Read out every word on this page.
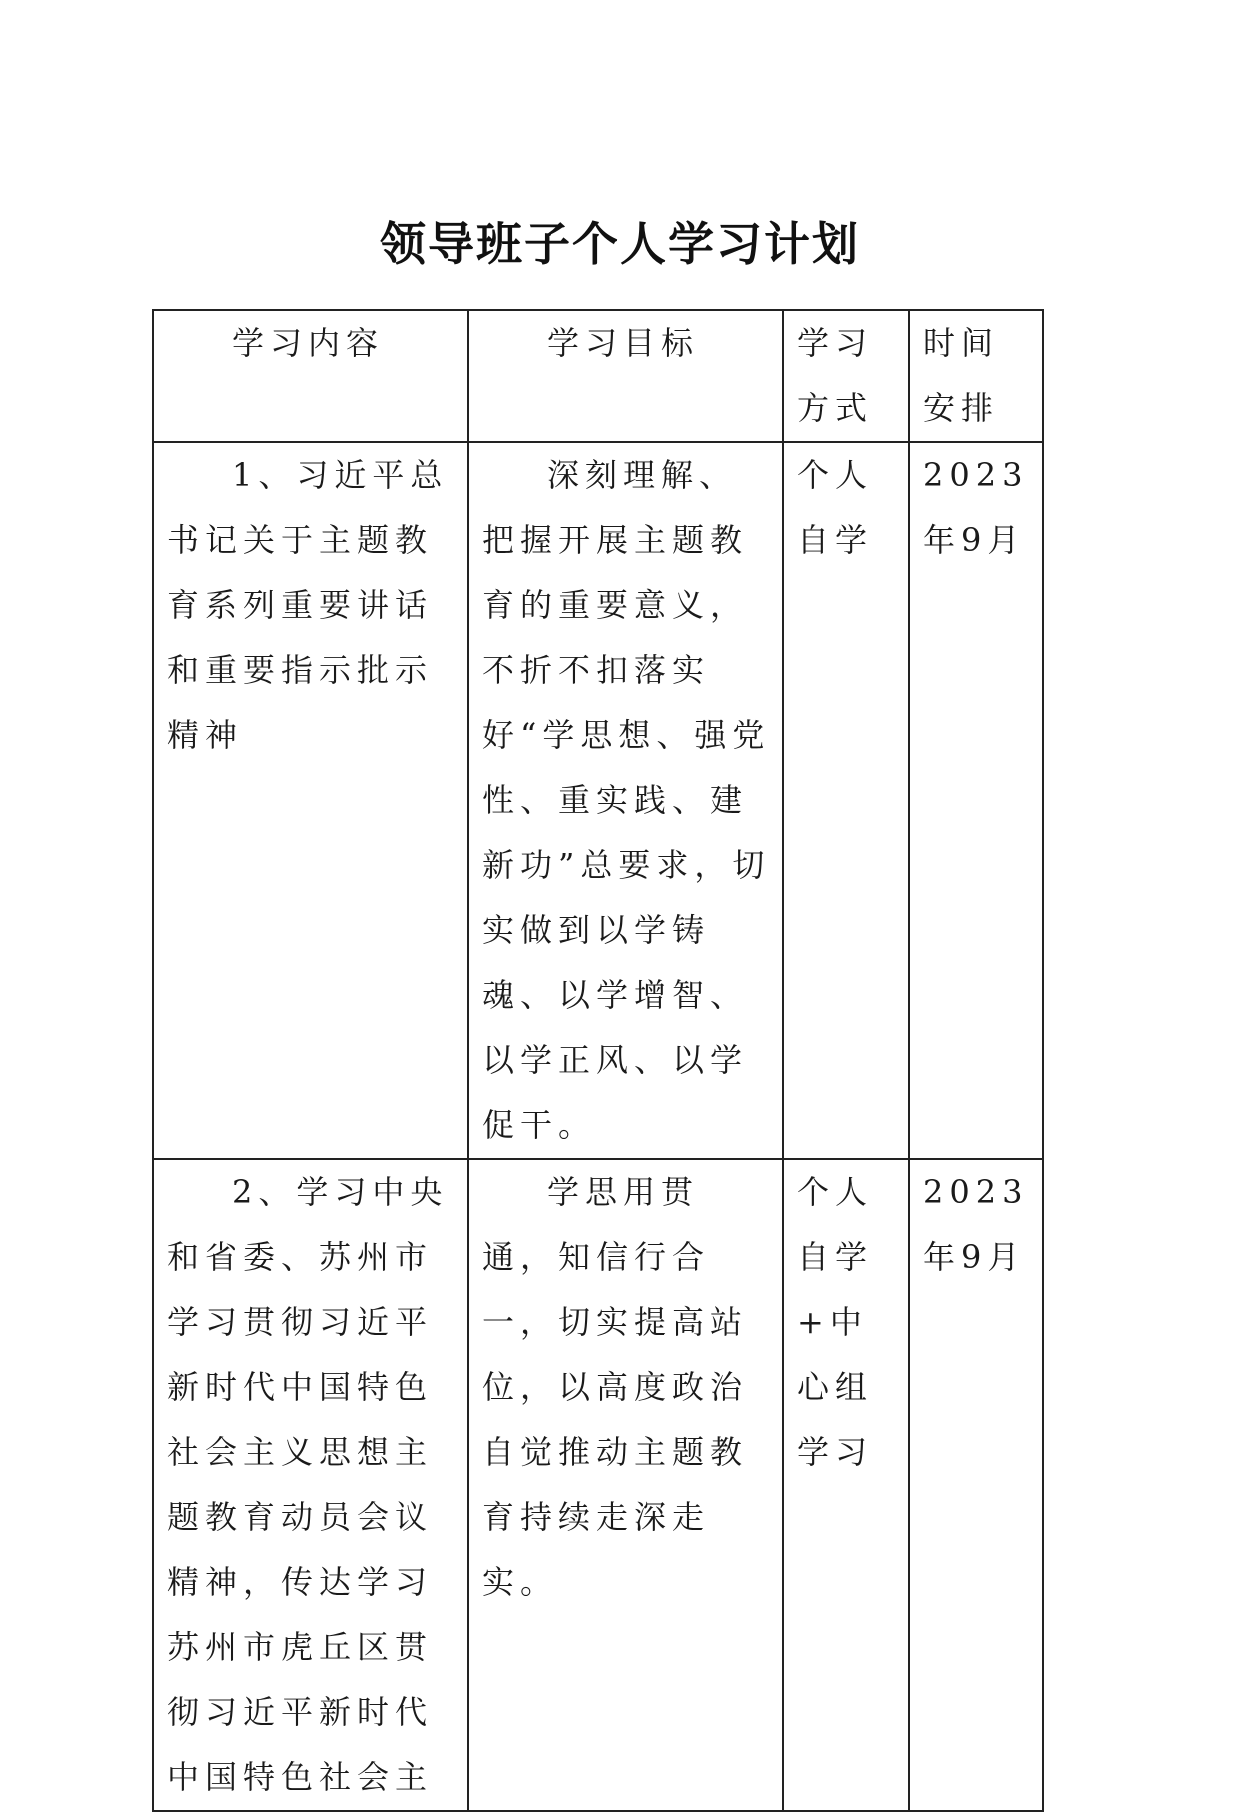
领导班子个人学习计划
学习内容	学习目标	学习方式	时间安排
1、习近平总书记关于主题教育系列重要讲话和重要指示批示精神	深刻理解、把握开展主题教育的重要意义，不折不扣落实好“学思想、强党性、重实践、建新功”总要求，切实做到以学铸魂、以学增智、以学正风、以学促干。	个人自学	2023年9月
2、学习中央和省委、苏州市学习贯彻习近平新时代中国特色社会主义思想主题教育动员会议精神，传达学习苏州市虎丘区贯彻习近平新时代中国特色社会主	学思用贯通，知信行合一，切实提高站位，以高度政治自觉推动主题教育持续走深走实。	个人自学+中心组学习	2023年9月
